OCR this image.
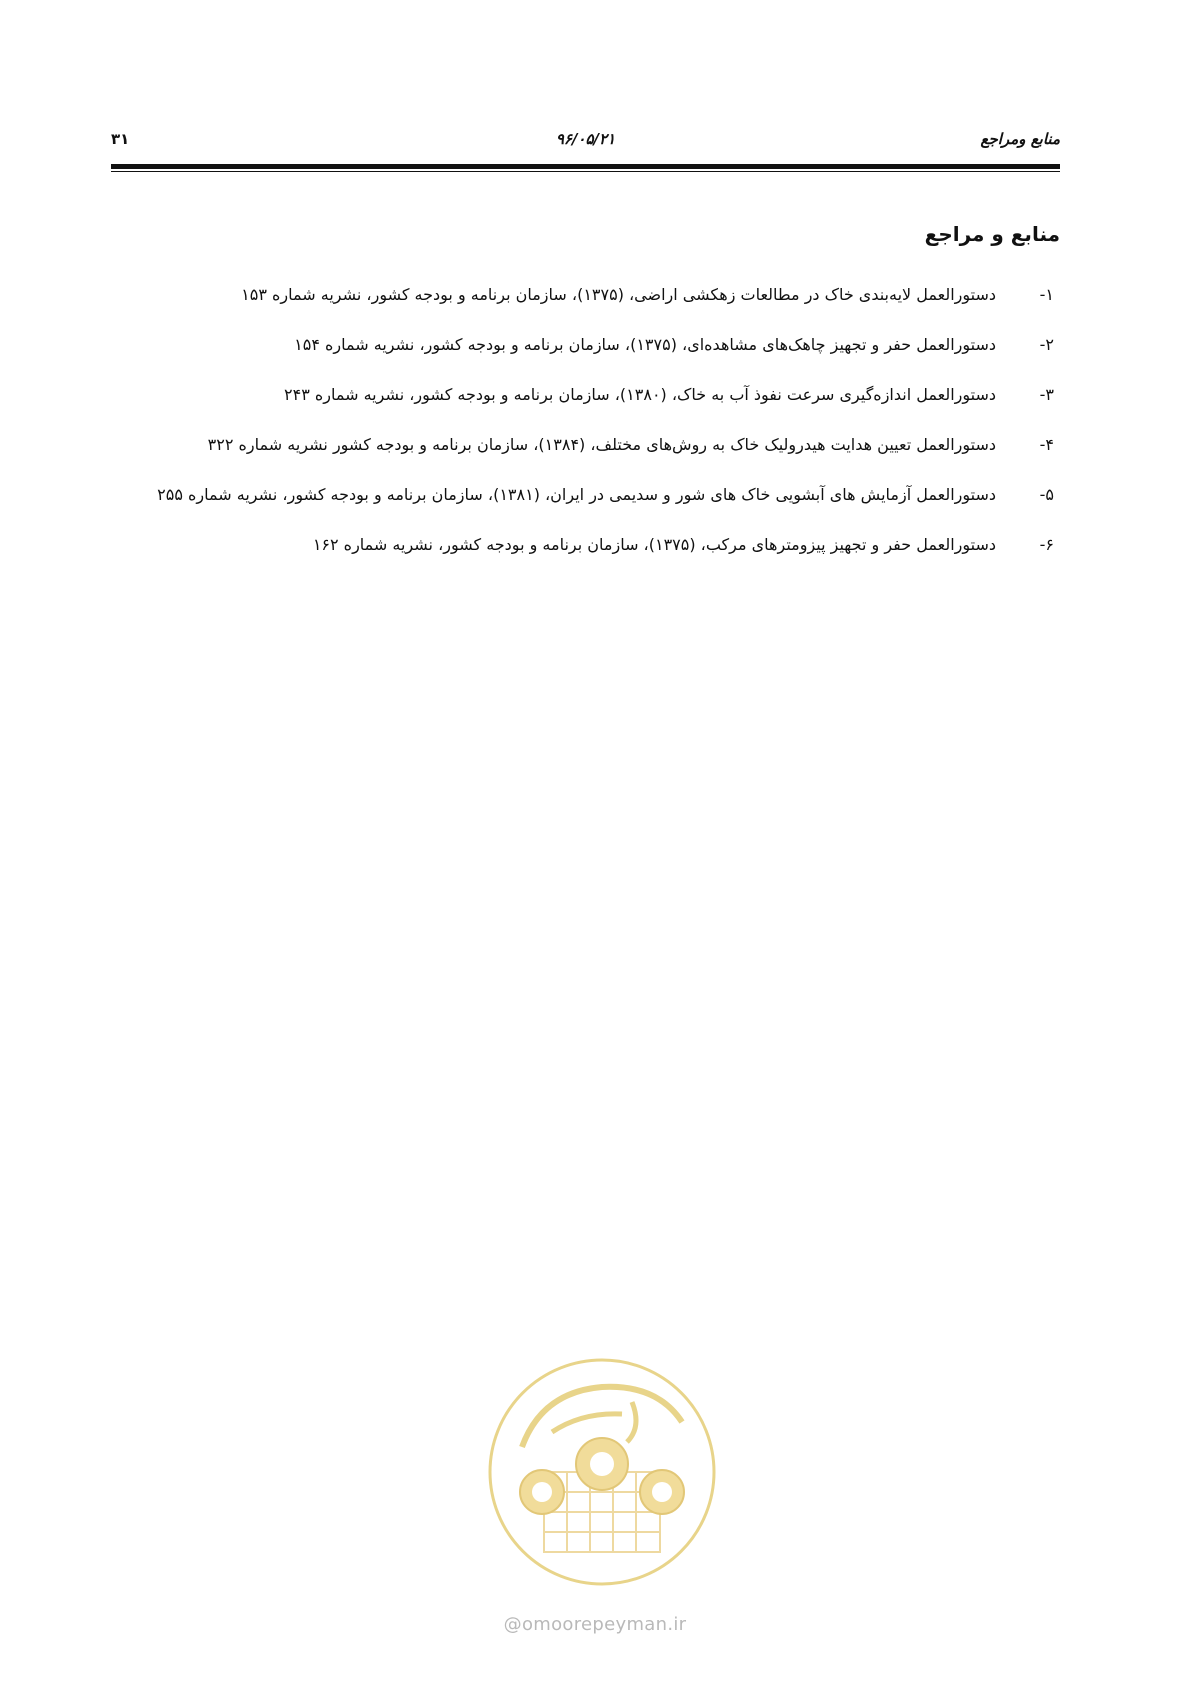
منابع ومراجع
۹۶/۰۵/۲۱
۳۱
منابع و مراجع
۱-
دستورالعمل لایه‌بندی خاک در مطالعات زهکشی اراضی، (۱۳۷۵)، سازمان برنامه و بودجه کشور، نشریه شماره ۱۵۳
۲-
دستورالعمل حفر و تجهیز چاهک‌های مشاهده‌ای، (۱۳۷۵)، سازمان برنامه و بودجه کشور، نشریه شماره ۱۵۴
۳-
دستورالعمل اندازه‌گیری سرعت نفوذ آب به خاک، (۱۳۸۰)، سازمان برنامه و بودجه کشور، نشریه شماره ۲۴۳
۴-
دستورالعمل تعیین هدایت هیدرولیک خاک به روش‌های مختلف، (۱۳۸۴)، سازمان برنامه و بودجه کشور نشریه شماره ۳۲۲
۵-
دستورالعمل آزمایش های آبشویی خاک های شور و سدیمی در ایران، (۱۳۸۱)، سازمان برنامه و بودجه کشور، نشریه شماره ۲۵۵
۶-
دستورالعمل حفر و تجهیز پیزومترهای مرکب، (۱۳۷۵)، سازمان برنامه و بودجه کشور، نشریه شماره ۱۶۲
@omoorepeyman.ir
